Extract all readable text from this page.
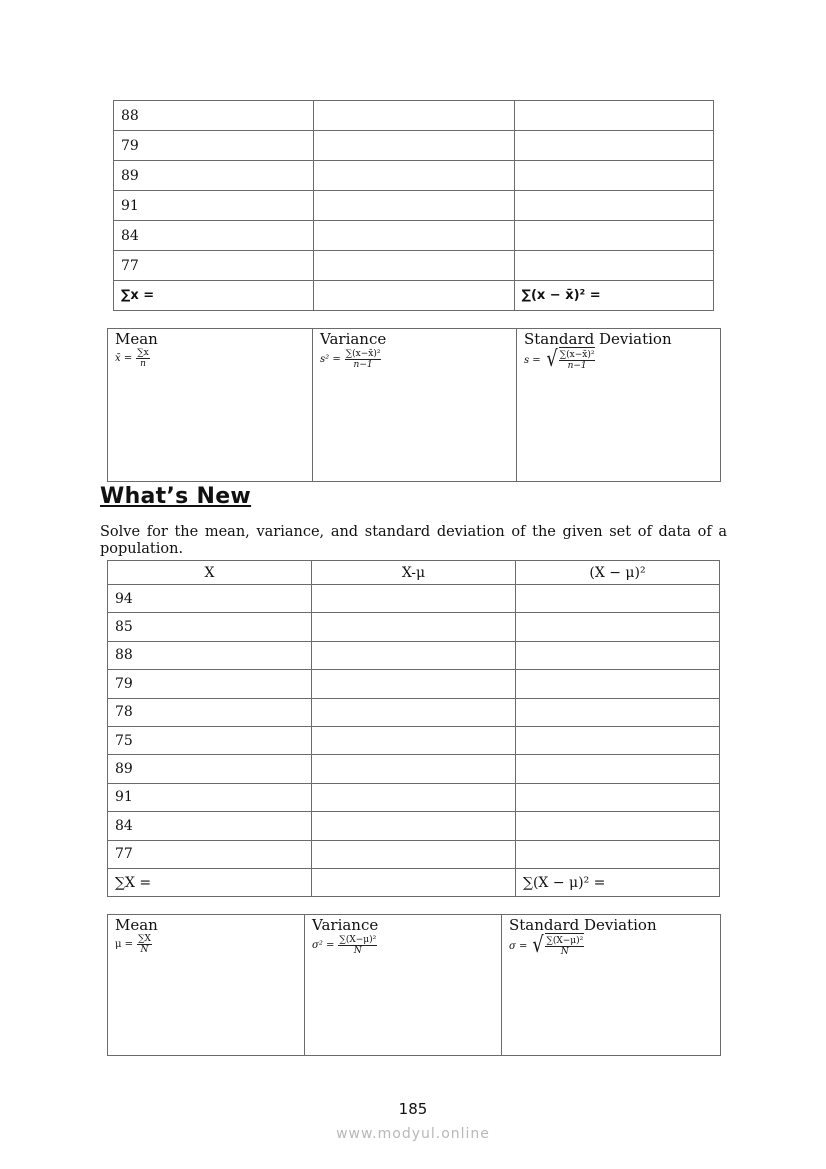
88		
79		
89		
91		
84		
77		
∑x =		∑(x − x̄)² =
Mean
x̄ = $\frac{\sum x}{n}$
Variance
$s^2 = \frac{\text{∑(x−x̄)²}}{n-1}$
Standard Deviation
s = √ $\frac{\text{∑(x−x̄)²}}{n-1}$
What’s New

Solve for the mean, variance, and standard deviation of the given set of data of a population.

X	X-μ	(X − μ)²
94		
85		
88		
79		
78		
75		
89		
91		
84		
77		
∑X =		∑(X − μ)² =
Mean
$\mu = \frac{\sum X}{N}$
Variance
$\sigma^2 = \frac{\text{∑(X−μ)²}}{N}$
Standard Deviation
σ = √ $\frac{\text{∑(X−μ)²}}{N}$
185
www.modyul.online
